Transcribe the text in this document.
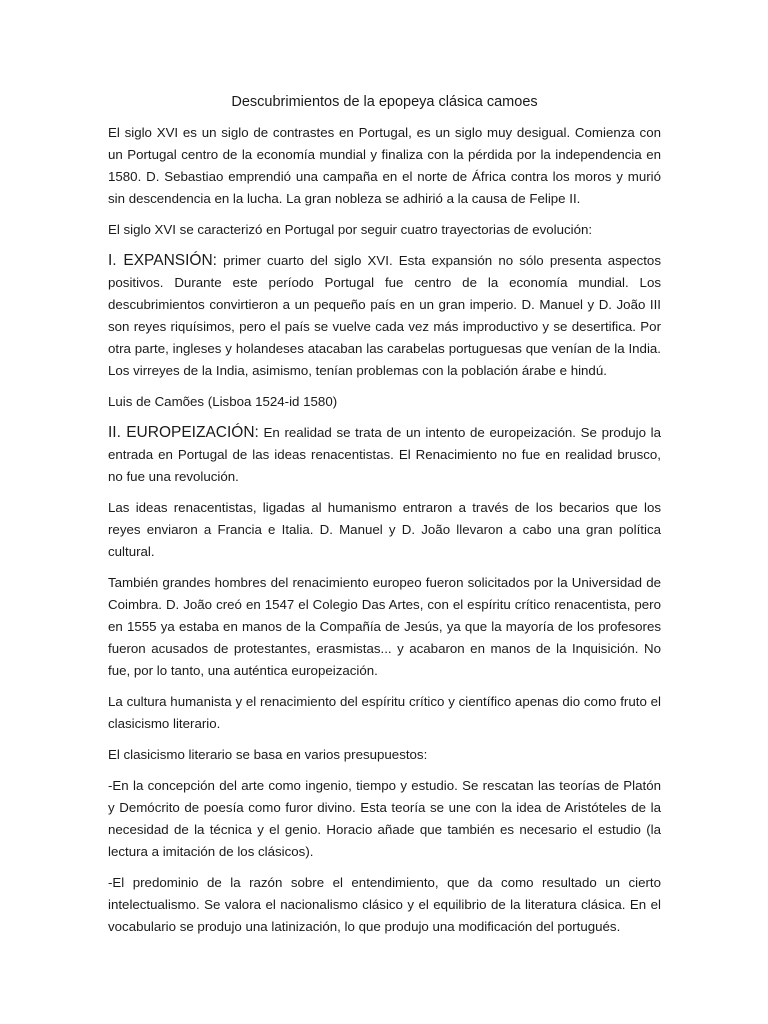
Descubrimientos de la epopeya clásica camoes

El siglo XVI es un siglo de contrastes en Portugal, es un siglo muy desigual. Comienza con un Portugal centro de la economía mundial y finaliza con la pérdida por la independencia en 1580. D. Sebastiao emprendió una campaña en el norte de África contra los moros y murió sin descendencia en la lucha. La gran nobleza se adhirió a la causa de Felipe II.

El siglo XVI se caracterizó en Portugal por seguir cuatro trayectorias de evolución:

I. EXPANSIÓN: primer cuarto del siglo XVI. Esta expansión no sólo presenta aspectos positivos. Durante este período Portugal fue centro de la economía mundial. Los descubrimientos convirtieron a un pequeño país en un gran imperio. D. Manuel y D. João III son reyes riquísimos, pero el país se vuelve cada vez más improductivo y se desertifica. Por otra parte, ingleses y holandeses atacaban las carabelas portuguesas que venían de la India. Los virreyes de la India, asimismo, tenían problemas con la población árabe e hindú.

Luis de Camões (Lisboa 1524-id 1580)

II. EUROPEIZACIÓN: En realidad se trata de un intento de europeización. Se produjo la entrada en Portugal de las ideas renacentistas. El Renacimiento no fue en realidad brusco, no fue una revolución.

Las ideas renacentistas, ligadas al humanismo entraron a través de los becarios que los reyes enviaron a Francia e Italia. D. Manuel y D. João llevaron a cabo una gran política cultural.

También grandes hombres del renacimiento europeo fueron solicitados por la Universidad de Coimbra. D. João creó en 1547 el Colegio Das Artes, con el espíritu crítico renacentista, pero en 1555 ya estaba en manos de la Compañía de Jesús, ya que la mayoría de los profesores fueron acusados de protestantes, erasmistas... y acabaron en manos de la Inquisición. No fue, por lo tanto, una auténtica europeización.

La cultura humanista y el renacimiento del espíritu crítico y científico apenas dio como fruto el clasicismo literario.

El clasicismo literario se basa en varios presupuestos:

-En la concepción del arte como ingenio, tiempo y estudio. Se rescatan las teorías de Platón y Demócrito de poesía como furor divino. Esta teoría se une con la idea de Aristóteles de la necesidad de la técnica y el genio. Horacio añade que también es necesario el estudio (la lectura a imitación de los clásicos).

-El predominio de la razón sobre el entendimiento, que da como resultado un cierto intelectualismo. Se valora el nacionalismo clásico y el equilibrio de la literatura clásica. En el vocabulario se produjo una latinización, lo que produjo una modificación del portugués.
